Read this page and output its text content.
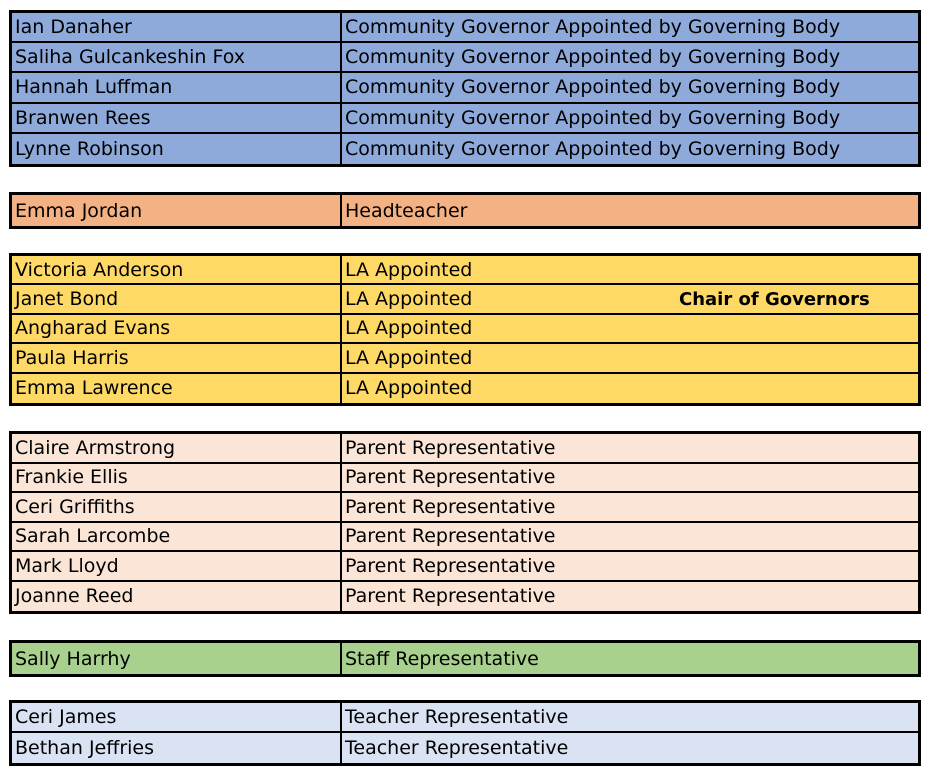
Ian Danaher	Community Governor Appointed by Governing Body
Saliha Gulcankeshin Fox	Community Governor Appointed by Governing Body
Hannah Luffman	Community Governor Appointed by Governing Body
Branwen Rees	Community Governor Appointed by Governing Body
Lynne Robinson	Community Governor Appointed by Governing Body
Emma Jordan	Headteacher
Victoria Anderson	LA Appointed
Janet Bond	LA Appointed	Chair of Governors
Angharad Evans	LA Appointed
Paula Harris	LA Appointed
Emma Lawrence	LA Appointed
Claire Armstrong	Parent Representative
Frankie Ellis	Parent Representative
Ceri Griffiths	Parent Representative
Sarah Larcombe	Parent Representative
Mark Lloyd	Parent Representative
Joanne Reed	Parent Representative
Sally Harrhy	Staff Representative
Ceri James	Teacher Representative
Bethan Jeffries	Teacher Representative
